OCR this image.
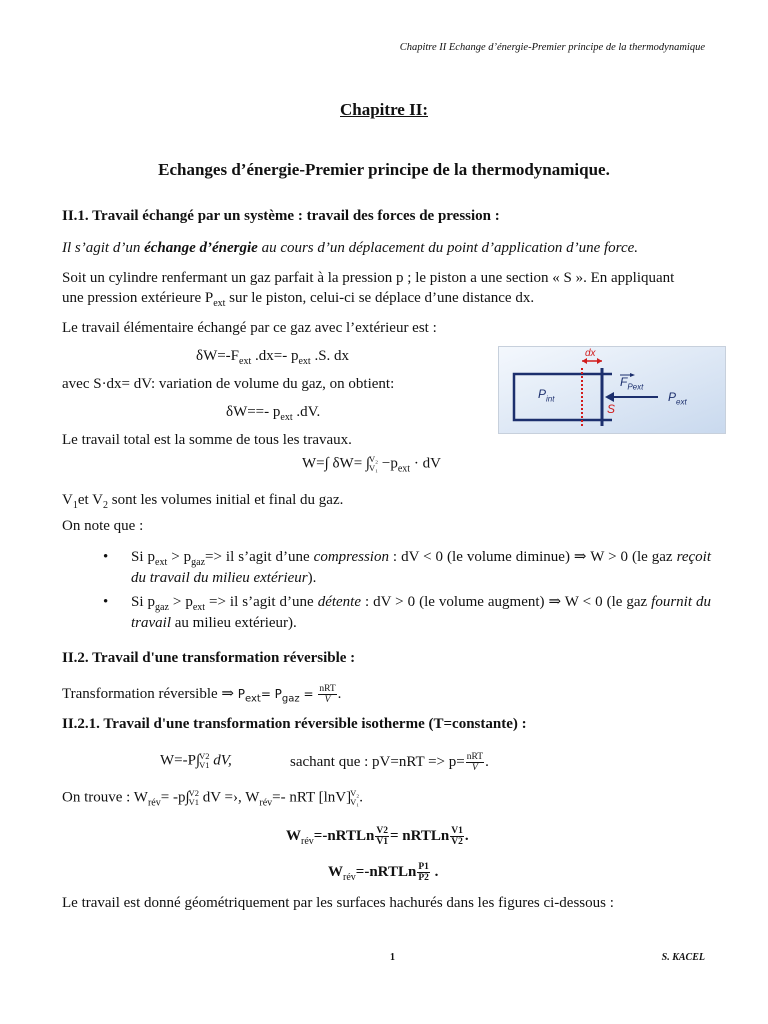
Chapitre II Echange d’énergie-Premier principe de la thermodynamique
Chapitre II:
Echanges d’énergie-Premier principe de la thermodynamique.
II.1. Travail échangé par un système : travail des forces de pression :
Il s’agit d’un échange d’énergie au cours d’un déplacement du point d’application d’une force.
Soit un cylindre renfermant un gaz parfait à la pression p ; le piston a une section « S ». En appliquant
une pression extérieure $P_{ext}$ sur le piston, celui-ci se déplace d’une distance dx.
Le travail élémentaire échangé par ce gaz avec l’extérieur est :
$\delta W=-F_{ext}$ .dx=- $p_{ext}$ .S. dx
avec S·dx= dV: variation de volume du gaz, on obtient:
δW==- $p_{ext}$ .dV.
Le travail total est la somme de tous les travaux.
W=∫ δW= ∫ V₂
$V_1 -p_{ext}$ · dV
$V_1et$ $V_2$ sont les volumes initial et final du gaz.
On note que :
• Si $p_{ext} > p_{gaz}=>$ il s’agit d’une compression : dV < 0 (le volume diminue) ⇒ W > 0 (le gaz reçoit du travail du milieu extérieur).
• Si $p_{gaz} > p_{ext}$ => il s’agit d’une détente : dV > 0 (le volume augment) ⇒ W < 0 (le gaz fournit du travail au milieu extérieur).
dx
$P_{int}$
$F_{Pext}$
$P_{ext}$
S
II.2. Travail d'une transformation réversible :
Transformation réversible ⇒ $P_{ext}= P_{gaz} = \frac{\text{nRT}}{V}$ .
II.2.1. Travail d'une transformation réversible isotherme (T=constante) :
W=-P∫ V2
V1 dV,	sachant que : $pV=nRT => p= \frac{\text{nRT}}{V}$ .
On trouve : $W_{rév}= -p\int$ V2
V1 dV =›, $W_{rév}=-$ nRT [lnV] V₂
V₁ .
$W_{rév}=$-nRTLn $\frac{V2}{V1}$ = nRTLn $\frac{V1}{V2}$ .
$W_{rév}=$-nRTLn $\frac{P1}{P2}$ .
Le travail est donné géométriquement par les surfaces hachurés dans les figures ci-dessous :
1	S. KACEL
